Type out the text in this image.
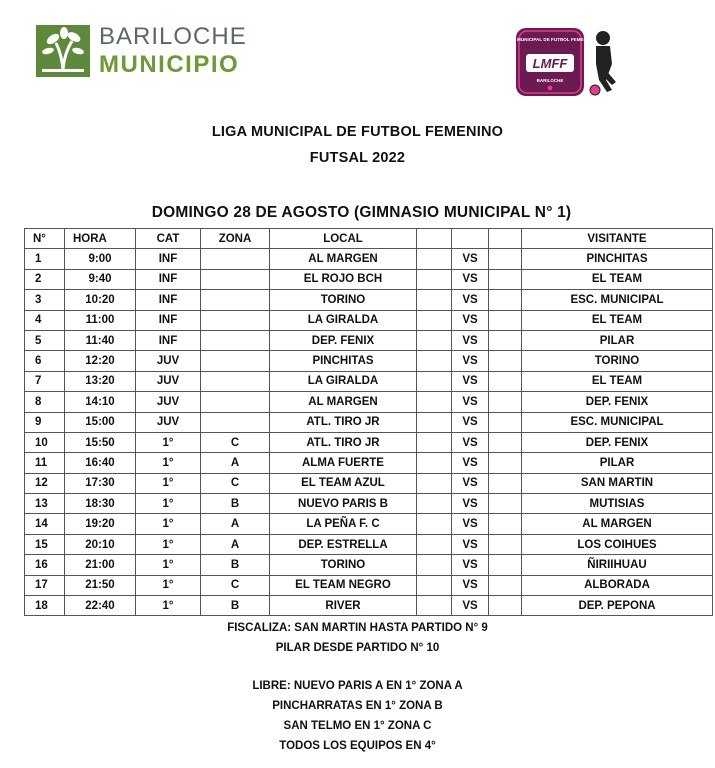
BARILOCHE
MUNICIPIO
LIGA MUNICIPAL DE FUTBOL FEMENINO
LMFF
BARILOCHE
LIGA MUNICIPAL DE FUTBOL FEMENINO
FUTSAL 2022
DOMINGO 28 DE AGOSTO (GIMNASIO MUNICIPAL N° 1)
N°	HORA	CAT	ZONA	LOCAL				VISITANTE
1	9:00	INF		AL MARGEN		VS		PINCHITAS
2	9:40	INF		EL ROJO BCH		VS		EL TEAM
3	10:20	INF		TORINO		VS		ESC. MUNICIPAL
4	11:00	INF		LA GIRALDA		VS		EL TEAM
5	11:40	INF		DEP. FENIX		VS		PILAR
6	12:20	JUV		PINCHITAS		VS		TORINO
7	13:20	JUV		LA GIRALDA		VS		EL TEAM
8	14:10	JUV		AL MARGEN		VS		DEP. FENIX
9	15:00	JUV		ATL. TIRO JR		VS		ESC. MUNICIPAL
10	15:50	1°	C	ATL. TIRO JR		VS		DEP. FENIX
11	16:40	1°	A	ALMA FUERTE		VS		PILAR
12	17:30	1°	C	EL TEAM AZUL		VS		SAN MARTIN
13	18:30	1°	B	NUEVO PARIS B		VS		MUTISIAS
14	19:20	1°	A	LA PEÑA F. C		VS		AL MARGEN
15	20:10	1°	A	DEP. ESTRELLA		VS		LOS COIHUES
16	21:00	1°	B	TORINO		VS		ÑIRIIHUAU
17	21:50	1°	C	EL TEAM NEGRO		VS		ALBORADA
18	22:40	1°	B	RIVER		VS		DEP. PEPONA
FISCALIZA: SAN MARTIN HASTA PARTIDO N° 9
PILAR DESDE PARTIDO N° 10
LIBRE: NUEVO PARIS A EN 1° ZONA A
PINCHARRATAS EN 1° ZONA B
SAN TELMO EN 1° ZONA C
TODOS LOS EQUIPOS EN 4°
